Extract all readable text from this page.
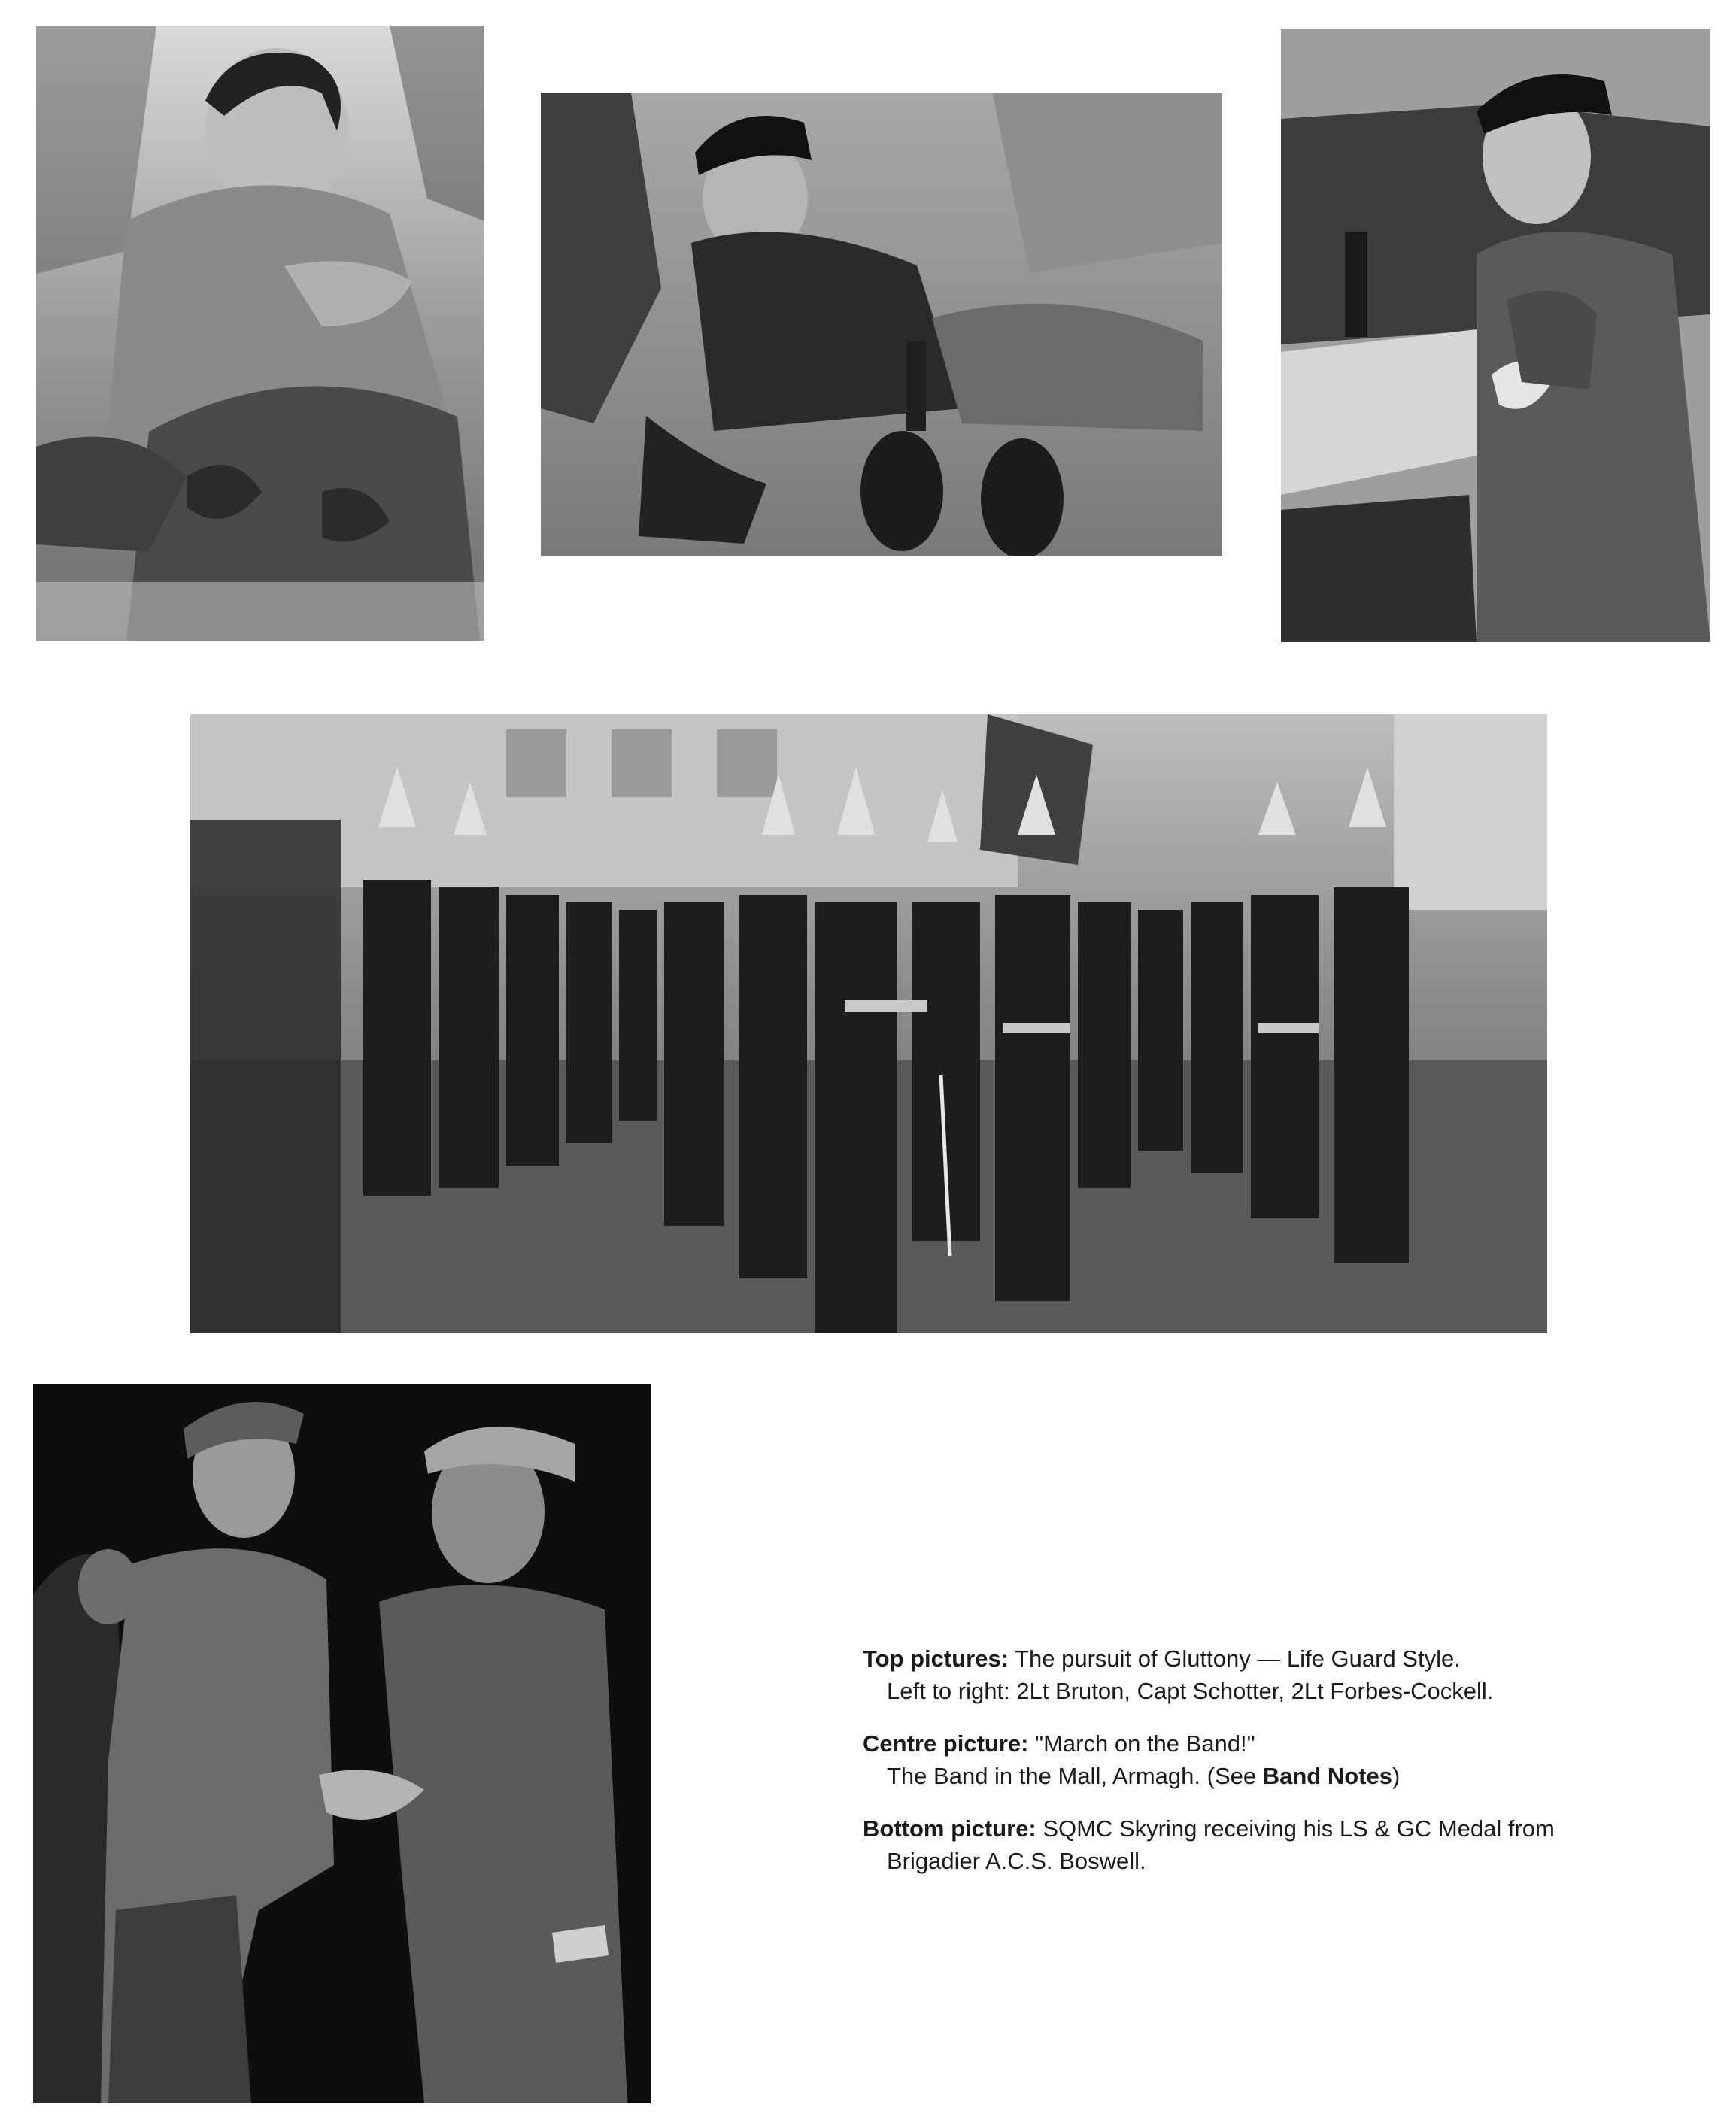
Top pictures: The pursuit of Gluttony — Life Guard Style.
Left to right: 2Lt Bruton, Capt Schotter, 2Lt Forbes-Cockell.
Centre picture: "March on the Band!"
The Band in the Mall, Armagh. (See Band Notes)
Bottom picture: SQMC Skyring receiving his LS & GC Medal from
Brigadier A.C.S. Boswell.
